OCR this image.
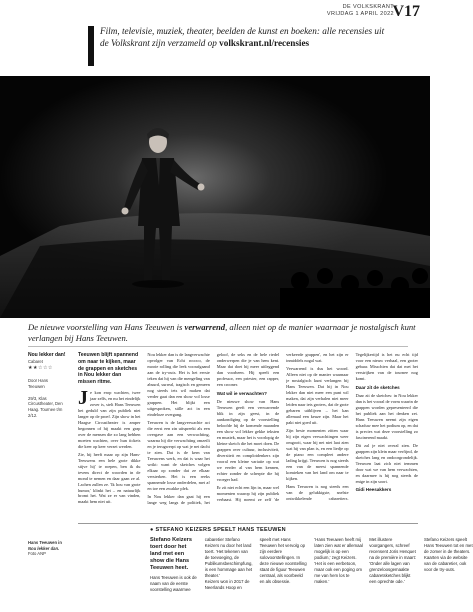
DE VOLKSKRANT
VRIJDAG 1 APRIL 2022
V17
Film, televisie, muziek, theater, beelden de kunst en boeken: alle recensies uit de Volkskrant zijn verzameld op volkskrant.nl/recensies
De nieuwe voorstelling van Hans Teeuwen is verwarrend, alleen niet op de manier waarnaar je nostalgisch kunt verlangen bij Hans Teeuwen.
Nou lekker dan!
Cabaret
★★☆☆☆
Door Hans
Teeuwen
29/3, Klas Circustheater, Den Haag. Tournee t/m 2/12.
Hans Teeuwen in
Nou lekker dan.
Foto ANP

Teeuwen blijft spannend om naar te kijken, maar de grappen en sketches in Nou lekker dan missen ritme.

Je kon erop wachten, twee jaar zelfs, en nu het eindelijk zover is, stelt Hans Teeuwen het geduld van zijn publiek niet langer op de proef. Zijn show in het Haagse Circustheater is amper begonnen of hij maakt een grap over de mensen die zo lang hebben moeten wachten, over hun tickets die keer op keer verzet werden.

Zie, hij heeft maar op zijn Hans-Teeuwens een hele grote dikke stijve hij' te roepen, ben ik du tevens direct de woorden in de mond te nemen en daar gaan ze al. Lachen zullen ze. 'Ik hou van grote humor,' klinkt het – en natuurlijk bromt het. Wat ze er van vinden, maakt hem niet uit.

Nou lekker dan is de langverwachte opvolger van Echt rococo, de mooie rolling die leek voorafgaand aan de try-outs. Het is het eerste teken dat hij van die mengeling van absurd, surreal, tragisch en gemeen nog steeds iets wil maken dat verder gaat dan een show vol losse grappen. Het blijkt een uitgesproken, stille act in een eindeloze overgang.

Teeuwen is de langverwachte act die eerst een zin uitspreekt als een overgave aan een verwachting, waarna hij die verwachting omzeilt en je terugwerpt op wat je net dacht te zien. Dat is de kern van Teeuwens werk, en dat is waar het wrikt: want de sketches volgen elkaar op zonder dat ze elkaar versterken. Het is een reeks spannende losse onderdelen, met af en toe een zwakke plek.

In Nou lekker dan gaat hij een lange weg langs de politiek, het geloof, de seks en de hele riedel onderwerpen die je van hem kent. Maar dat doet hij meer uitleggend dan voorheen. Hij speelt een professor, een priester, een rapper, een crooner.

Wat wil ie verwachten?

De nieuwe show van Hans Teeuwen geeft een verwarrende blik in zijn geest, in de aankondiging op de voorstelling beloofde hij de komende maanden een show vol lekker gekke teksten en muziek, maar het is voorlopig de kleine sketch die het moet doen. De grappen over cultuur, inclusiviteit, diversiteit en complotdenkers zijn vooral een kleine variatie op wat we eerder al van hem kennen, echter zonder de scherpte die hij vroeger had.

Er zit niet echt een lijn in, maar wel momenten waarop hij zijn publiek verbaast. Hij noemt ze zelf 'de verkeerde grappen', en het zijn er inmiddels nogal wat.

Verwarrend is dus het woord. Alleen niet op de manier waarnaar je nostalgisch kunt verlangen bij Hans Teeuwen. Dat hij in Nou lekker dan niet meer een punt wil maken, dat zijn verhalen niet meer leiden naar iets groters, dat de grote gebaren uitblijven – het kan allemaal een keuze zijn. Maar het pakt niet goed uit.

Zijn beste momenten zitten waar hij zijn eigen verwachtingen weer omgooit, waar hij net niet laat zien wat hij van plan is, en een liedje op de piano een compleet andere lading krijgt. Teeuwen is nog steeds een van de meest spannende komieken van het land om naar te kijken.

Hans Teeuwen is nog steeds een van de gelukkigste, snelste ontwikkelende cabaretiers. Tegelijkertijd is het nu echt tijd voor een nieuw verhaal, een groter gebaar. Misschien dat dat met het verstrijken van de tournee nog komt.

Daar zit de sketches

Daar zit de sketches: in Nou lekker dan is het vooral de vorm waarin de grappen worden gepresenteerd die het publiek aan het denken zet. Hans Teeuwen neemt zijn eigen schaduw mee het podium op, en dat is precies wat deze voorstelling zo fascinerend maakt.

Dit zal je niet overal zien. De grappen zijn klein maar verfijnd, de sketches lang en ondoorgrondelijk. Teeuwen laat zich niet temmen door wat we van hem verwachten, en daarmee is hij nog steeds de enige in zijn soort.

Gidi Heesakkers

● STEFANO KEIZERS SPEELT HANS TEEUWEN

Stefano Keizers toert door het land met een show die Hans Teeuwen heet.

Hans Teeuwen is ook de naam van de eerste voorstelling waarmee cabaretier Stefano Keizers nu door het land toert. 'Het tekenen van de toevoeging, de Publikumsbeschimpfung, is een hommage aan het theater.'

Keizers won in 2017 de Neerlands Hoop en speelt met Hans Teeuwen het vervolg op zijn eerdere solovoorstellingen. In deze nieuwe voorstelling staat de figuur Teeuwen centraal, als voorbeeld en als obsessie.

'Hans Teeuwen heeft mij laten zien wat er allemaal mogelijk is op een podium,' zegt Keizers. 'Het is een eerbetoon, maar ook een poging om me van hem los te maken.'

Met illustere voorgangers, schreef recensent Joris Henquet na de première in maart: 'Onder alle lagen van grenzeloosgemaakte cabaretsketches blijkt een oprechte ode.'

Stefano Keizers speelt Hans Teeuwen tot en met de zomer in de theaters. Kaarten via de website van de cabaretier, ook voor de try-outs.
